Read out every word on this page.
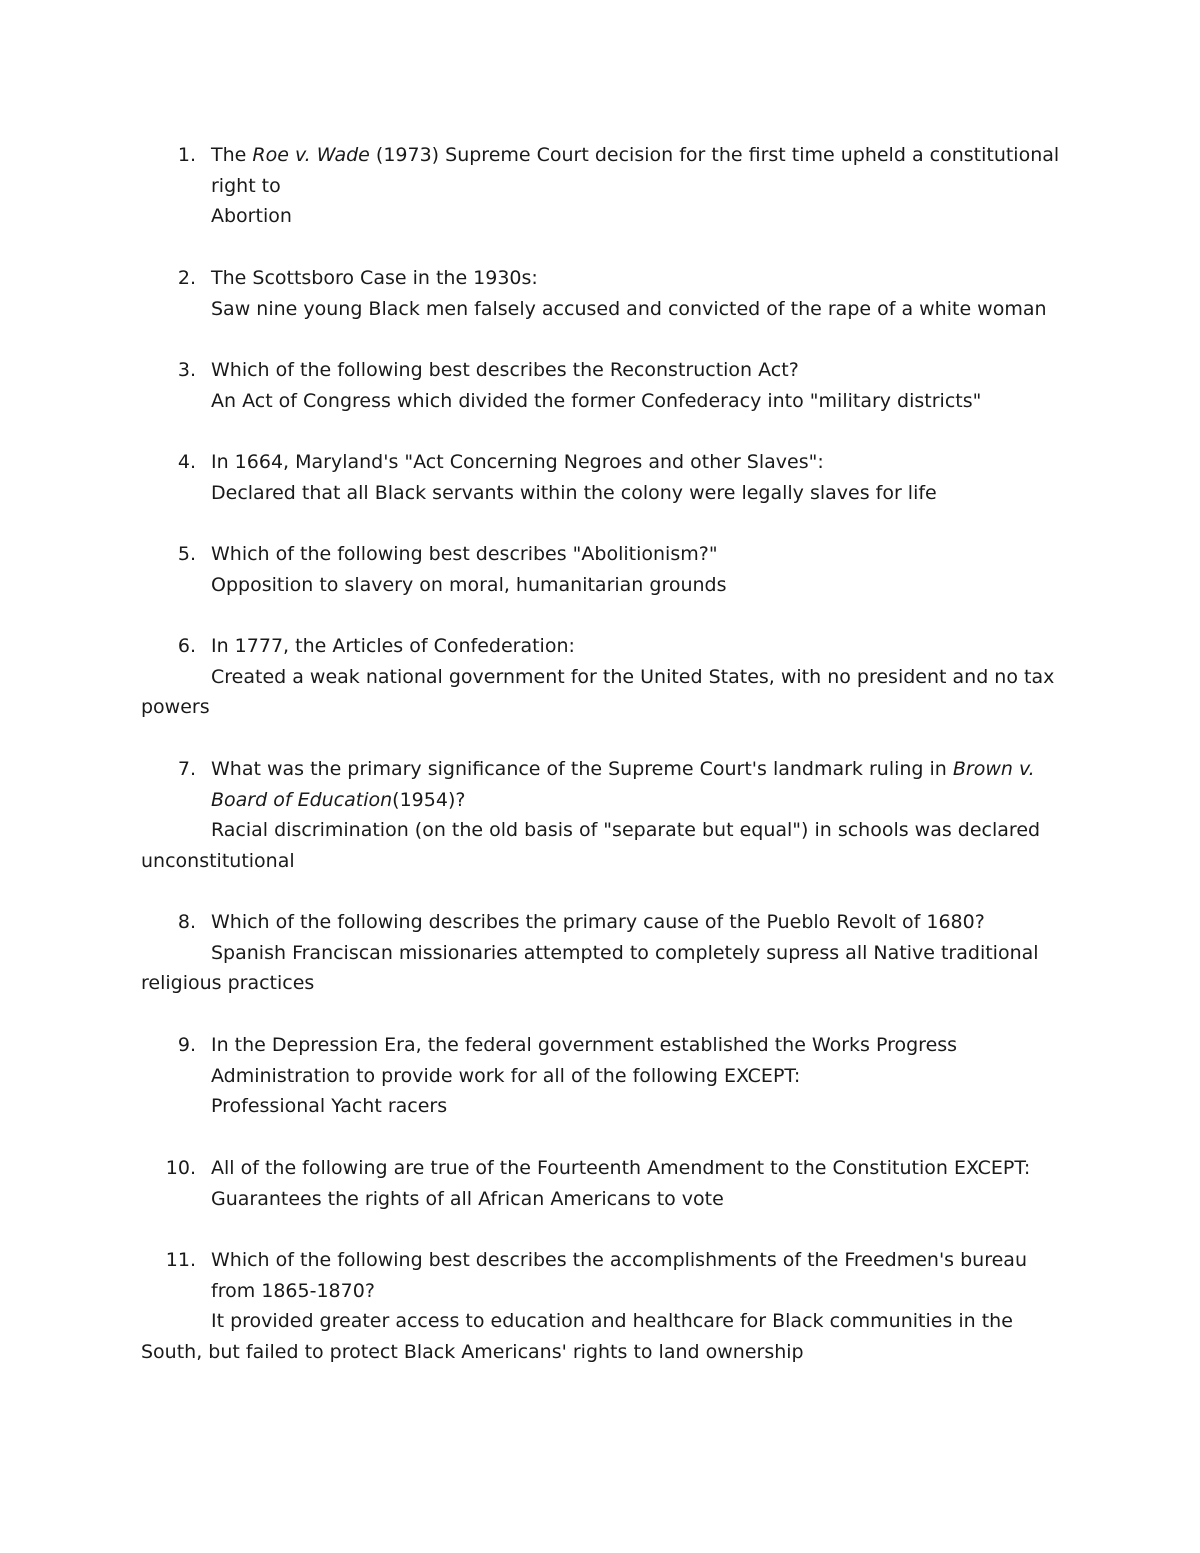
1. The Roe v. Wade (1973) Supreme Court decision for the first time upheld a constitutional right to
Abortion
2. The Scottsboro Case in the 1930s:
Saw nine young Black men falsely accused and convicted of the rape of a white woman
3. Which of the following best describes the Reconstruction Act?
An Act of Congress which divided the former Confederacy into "military districts"
4. In 1664, Maryland's "Act Concerning Negroes and other Slaves":
Declared that all Black servants within the colony were legally slaves for life
5. Which of the following best describes "Abolitionism?"
Opposition to slavery on moral, humanitarian grounds
6. In 1777, the Articles of Confederation:
Created a weak national government for the United States, with no president and no tax powers
7. What was the primary significance of the Supreme Court's landmark ruling in Brown v. Board of Education(1954)?
Racial discrimination (on the old basis of "separate but equal") in schools was declared unconstitutional
8. Which of the following describes the primary cause of the Pueblo Revolt of 1680?
Spanish Franciscan missionaries attempted to completely supress all Native traditional religious practices
9. In the Depression Era, the federal government established the Works Progress Administration to provide work for all of the following EXCEPT:
Professional Yacht racers
10. All of the following are true of the Fourteenth Amendment to the Constitution EXCEPT:
Guarantees the rights of all African Americans to vote
11. Which of the following best describes the accomplishments of the Freedmen's bureau from 1865-1870?
It provided greater access to education and healthcare for Black communities in the South, but failed to protect Black Americans' rights to land ownership
